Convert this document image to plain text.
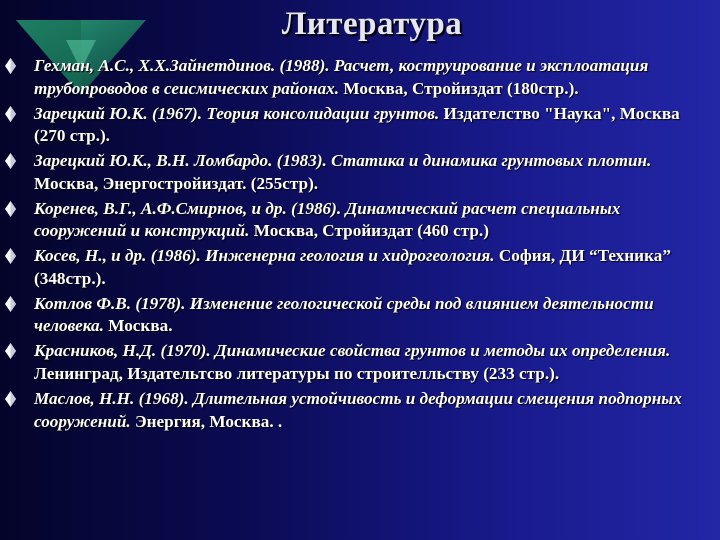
Литература
Гехман, А.С., Х.Х.Зайнетдинов. (1988). Расчет, коструирование и эксплоатация трубопроводов в сеисмических районах. Москва, Стройиздат (180стр.).
Зарецкий Ю.К. (1967). Теория консолидации грунтов. Издателство "Наука", Москва (270 стр.).
Зарецкий Ю.К., В.Н. Ломбардо. (1983). Статика и динамика грунтовых плотин. Москва, Энергостройиздат. (255стр).
Коренев, В.Г., А.Ф.Смирнов, и др. (1986). Динамический расчет специальных сооружений и конструкций. Москва, Стройиздат (460 стр.)
Косев, Н., и др. (1986). Инженерна геология и хидрогеология. София, ДИ “Техника” (348стр.).
Котлов Ф.В. (1978). Изменение геологической среды под влиянием деятельности человека. Москва.
Красников, Н.Д. (1970). Динамические свойства грунтов и методы их определения. Ленинград, Издательтсво литературы по строителльству (233 стр.).
Маслов, Н.Н. (1968). Длительная устойчивость и деформации смещения подпорных сооружений. Энергия, Москва. .
